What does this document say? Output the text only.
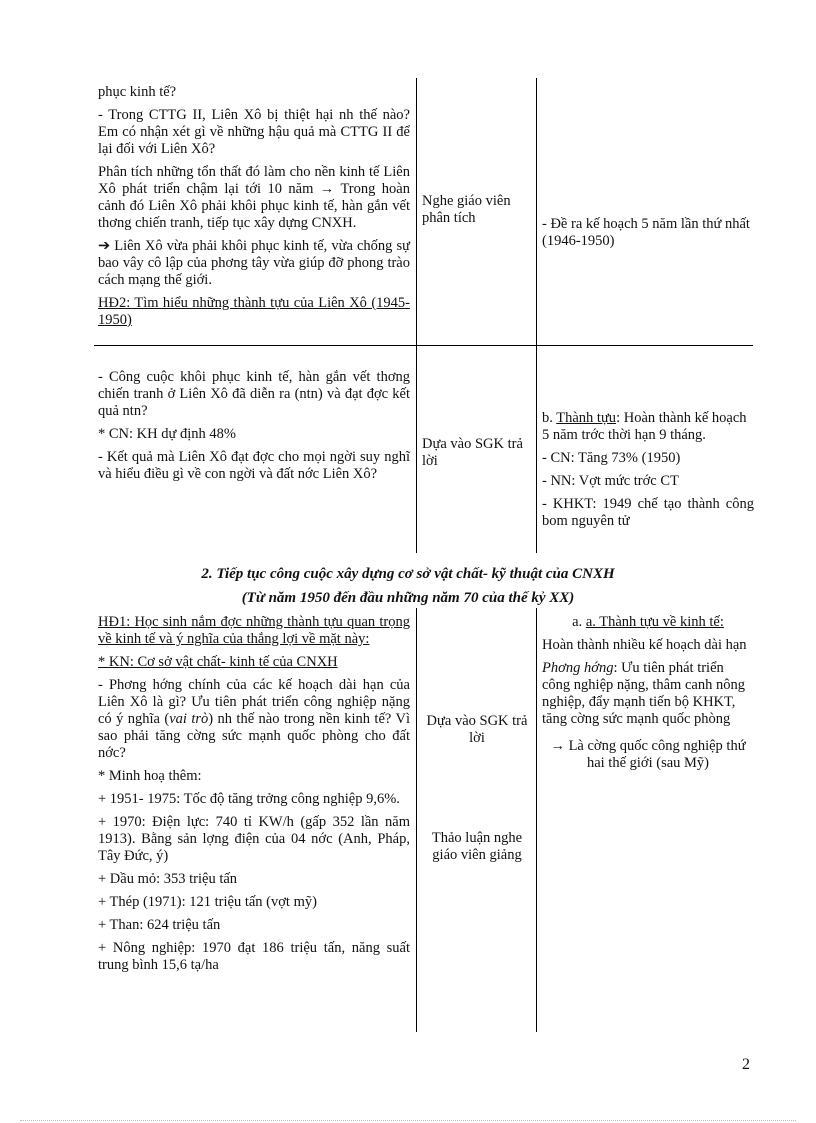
phục kinh tế?

- Trong CTTG II, Liên Xô bị thiệt hại nh thế nào? Em có nhận xét gì về những hậu quả mà CTTG II để lại đối với Liên Xô?

Phân tích những tổn thất đó làm cho nền kinh tế Liên Xô phát triển chậm lại tới 10 năm → Trong hoàn cảnh đó Liên Xô phải khôi phục kinh tế, hàn gắn vết thơng chiến tranh, tiếp tục xây dựng CNXH.

➔ Liên Xô vừa phải khôi phục kinh tế, vừa chống sự bao vây cô lập của phơng tây vừa giúp đỡ phong trào cách mạng thế giới.

HĐ2: Tìm hiểu những thành tựu của Liên Xô (1945-1950)

- Công cuộc khôi phục kinh tế, hàn gắn vết thơng chiến tranh ở Liên Xô đã diễn ra (ntn) và đạt đợc kết quả ntn?

* CN: KH dự định 48%

- Kết quả mà Liên Xô đạt đợc cho mọi ngời suy nghĩ và hiểu điều gì về con ngời và đất nớc Liên Xô?

Nghe giáo viên phân tích

Dựa vào SGK trả lời

- Đề ra kế hoạch 5 năm lần thứ nhất (1946-1950)

b. Thành tựu: Hoàn thành kế hoạch 5 năm trớc thời hạn 9 tháng.

- CN: Tăng 73% (1950)

- NN: Vợt mức trớc CT

- KHKT: 1949 chế tạo thành công bom nguyên tử

2. Tiếp tục công cuộc xây dựng cơ sở vật chất- kỹ thuật của CNXH
(Từ năm 1950 đến đầu những năm 70 của thế kỷ XX)

HĐ1: Học sinh nắm đợc những thành tựu quan trọng về kinh tế và ý nghĩa của thắng lợi về mặt này:

* KN: Cơ sở vật chất- kinh tế của CNXH

- Phơng hớng chính của các kế hoạch dài hạn của Liên Xô là gì? Ưu tiên phát triển công nghiệp nặng có ý nghĩa (vai trò) nh thế nào trong nền kinh tế? Vì sao phải tăng cờng sức mạnh quốc phòng cho đất nớc?

* Minh hoạ thêm:

+ 1951- 1975: Tốc độ tăng trởng công nghiệp 9,6%.

+ 1970: Điện lực: 740 tỉ KW/h (gấp 352 lần năm 1913). Bằng sản lợng điện của 04 nớc (Anh, Pháp, Tây Đức, ý)

+ Dầu mỏ: 353 triệu tấn

+ Thép (1971): 121 triệu tấn (vợt mỹ)

+ Than: 624 triệu tấn

+ Nông nghiệp: 1970 đạt 186 triệu tấn, năng suất trung bình 15,6 tạ/ha

Dựa vào SGK trả lời

Thảo luận nghe giáo viên giảng

a. a. Thành tựu về kinh tế:

Hoàn thành nhiều kế hoạch dài hạn

Phơng hớng: Ưu tiên phát triển công nghiệp nặng, thâm canh nông nghiệp, đẩy mạnh tiến bộ KHKT, tăng cờng sức mạnh quốc phòng

→ Là cờng quốc công nghiệp thứ hai thế giới (sau Mỹ)

2
